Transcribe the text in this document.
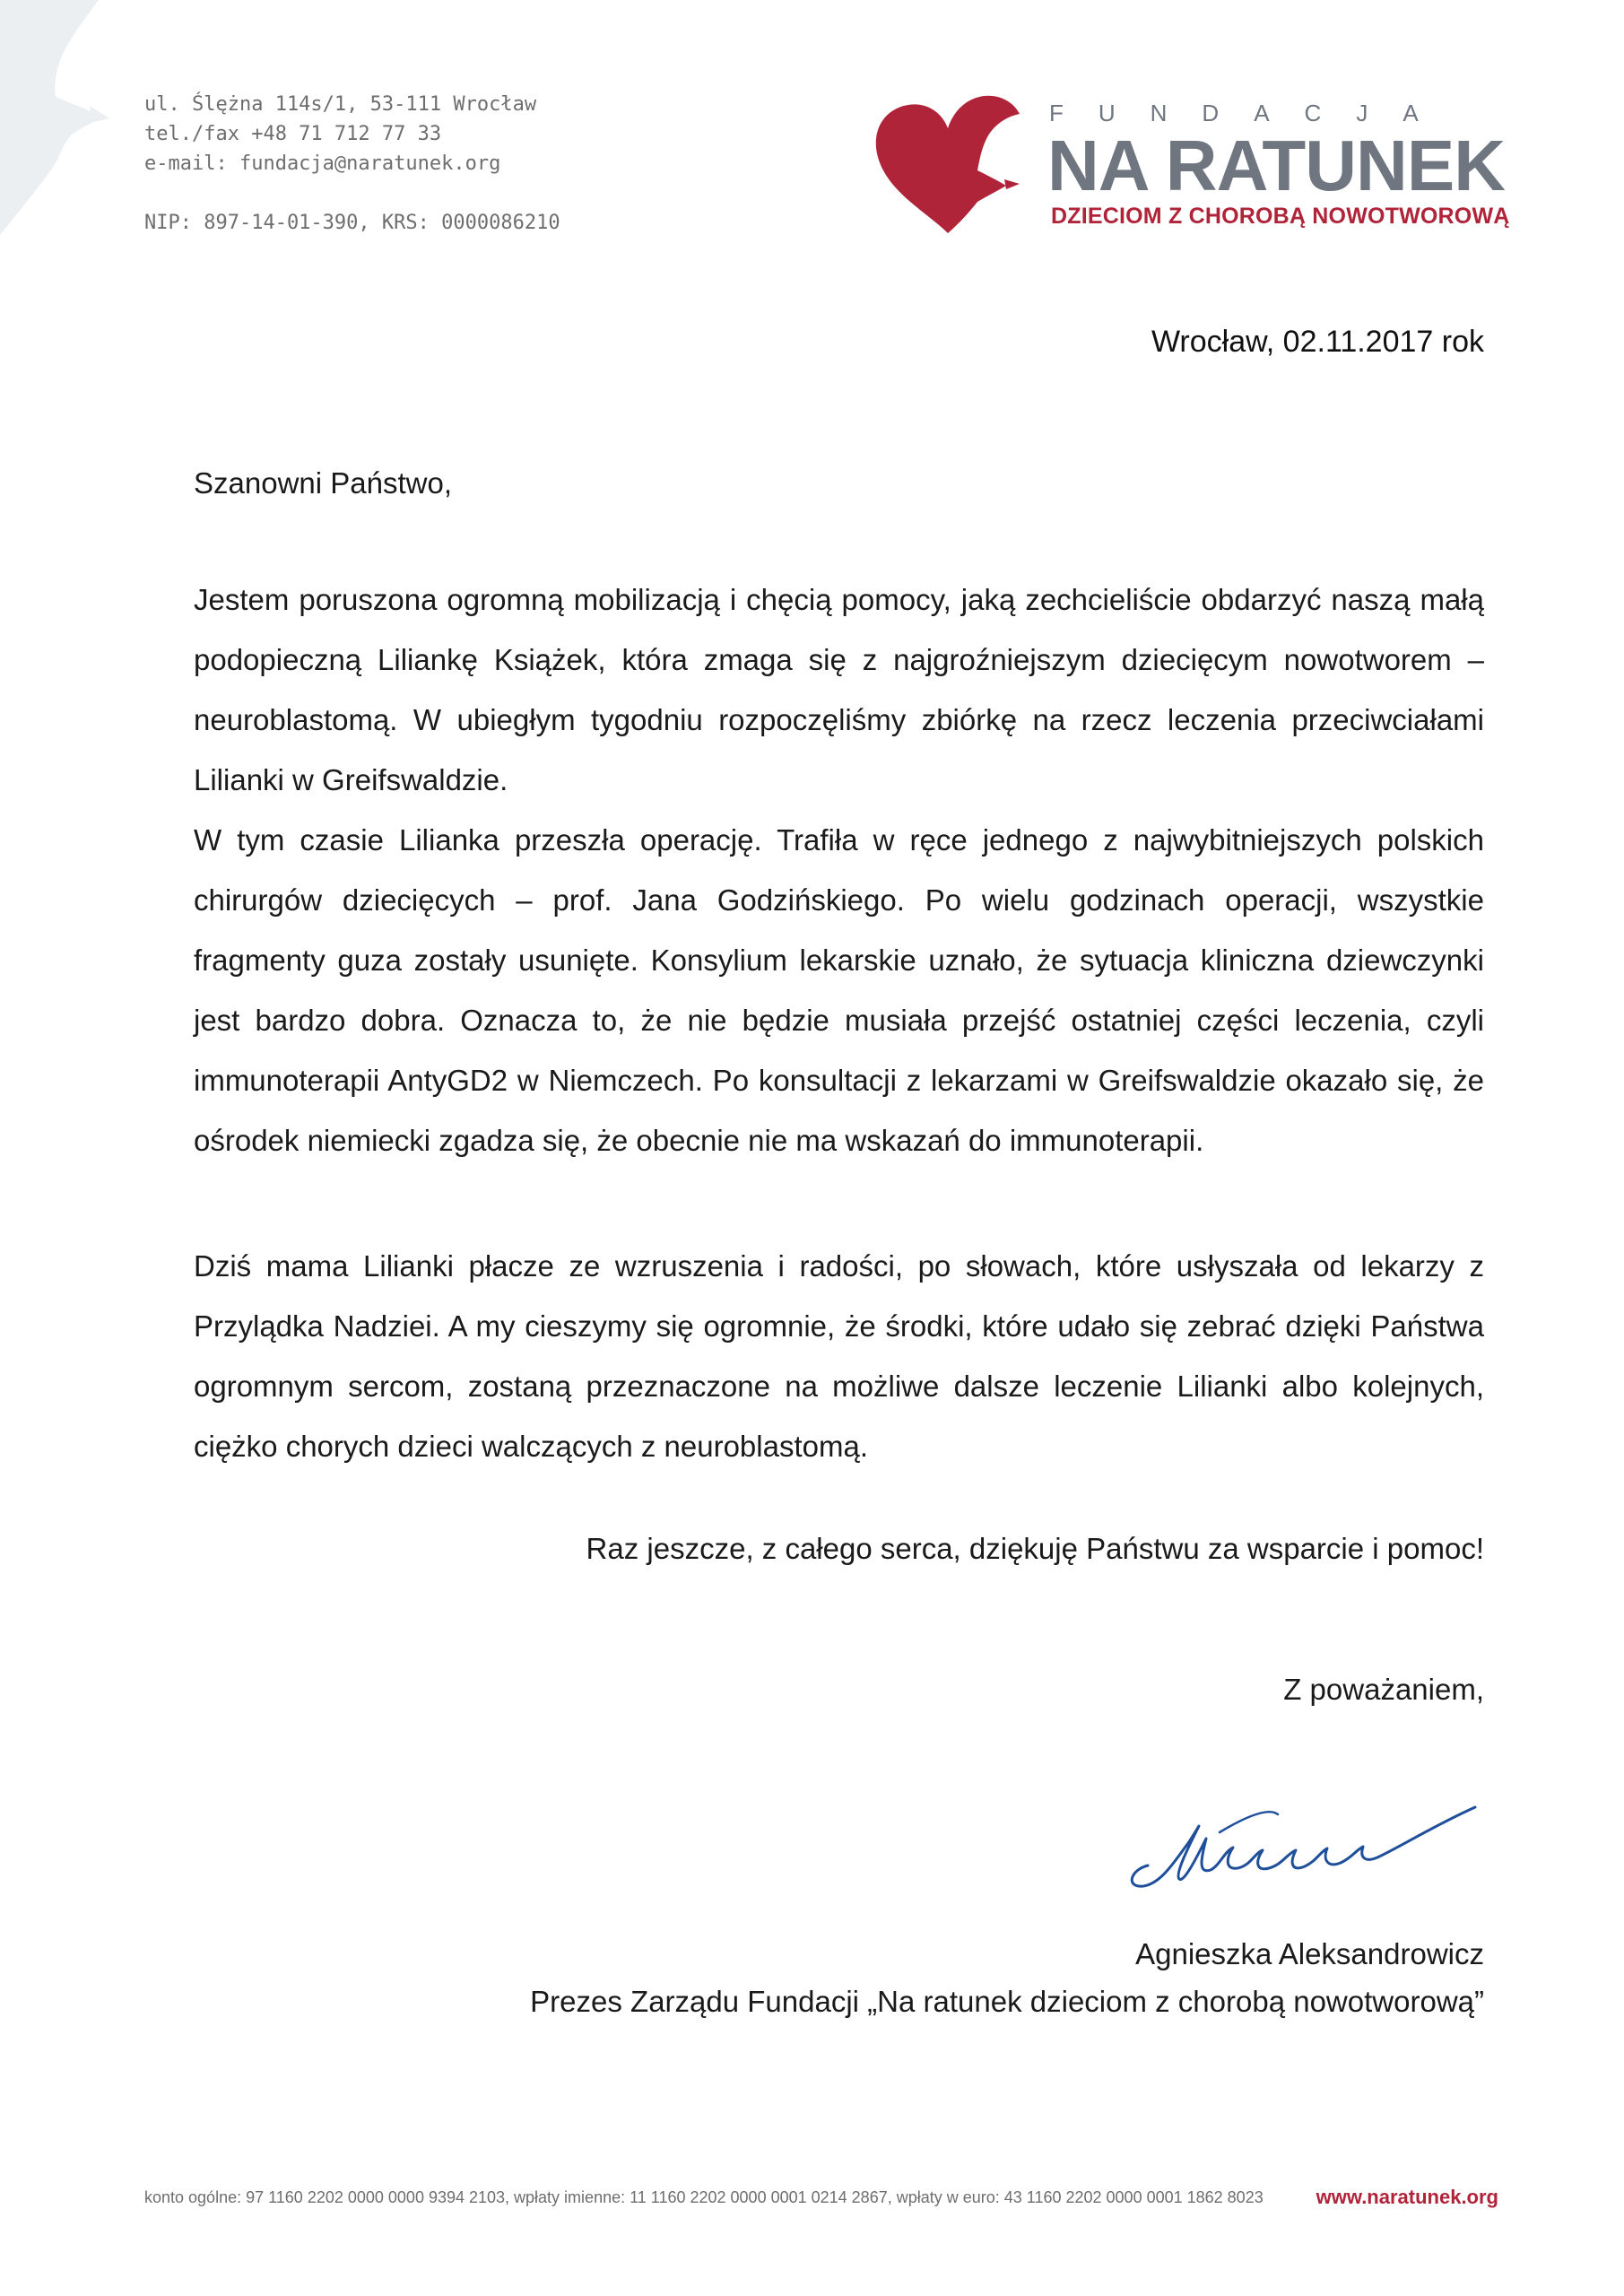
ul. Ślężna 114s/1, 53-111 Wrocław
tel./fax +48 71 712 77 33
e-mail: fundacja@naratunek.org
NIP: 897-14-01-390, KRS: 0000086210
FUNDACJA
NA RATUNEK
DZIECIOM Z CHOROBĄ NOWOTWOROWĄ
Wrocław, 02.11.2017 rok
Szanowni Państwo,
Jestem poruszona ogromną mobilizacją i chęcią pomocy, jaką zechcieliście obdarzyć naszą małą podopieczną Liliankę Książek, która zmaga się z najgroźniejszym dziecięcym nowotworem – neuroblastomą. W ubiegłym tygodniu rozpoczęliśmy zbiórkę na rzecz leczenia przeciwciałami Lilianki w Greifswaldzie.
W tym czasie Lilianka przeszła operację. Trafiła w ręce jednego z najwybitniejszych polskich chirurgów dziecięcych – prof. Jana Godzińskiego. Po wielu godzinach operacji, wszystkie fragmenty guza zostały usunięte. Konsylium lekarskie uznało, że sytuacja kliniczna dziewczynki jest bardzo dobra. Oznacza to, że nie będzie musiała przejść ostatniej części leczenia, czyli immunoterapii AntyGD2 w Niemczech. Po konsultacji z lekarzami w Greifswaldzie okazało się, że ośrodek niemiecki zgadza się, że obecnie nie ma wskazań do immunoterapii.
Dziś mama Lilianki płacze ze wzruszenia i radości, po słowach, które usłyszała od lekarzy z Przylądka Nadziei. A my cieszymy się ogromnie, że środki, które udało się zebrać dzięki Państwa ogromnym sercom, zostaną przeznaczone na możliwe dalsze leczenie Lilianki albo kolejnych, ciężko chorych dzieci walczących z neuroblastomą.
Raz jeszcze, z całego serca, dziękuję Państwu za wsparcie i pomoc!
Z poważaniem,
Agnieszka Aleksandrowicz
Prezes Zarządu Fundacji „Na ratunek dzieciom z chorobą nowotworową”
konto ogólne: 97 1160 2202 0000 0000 9394 2103, wpłaty imienne: 11 1160 2202 0000 0001 0214 2867, wpłaty w euro: 43 1160 2202 0000 0001 1862 8023	www.naratunek.org
